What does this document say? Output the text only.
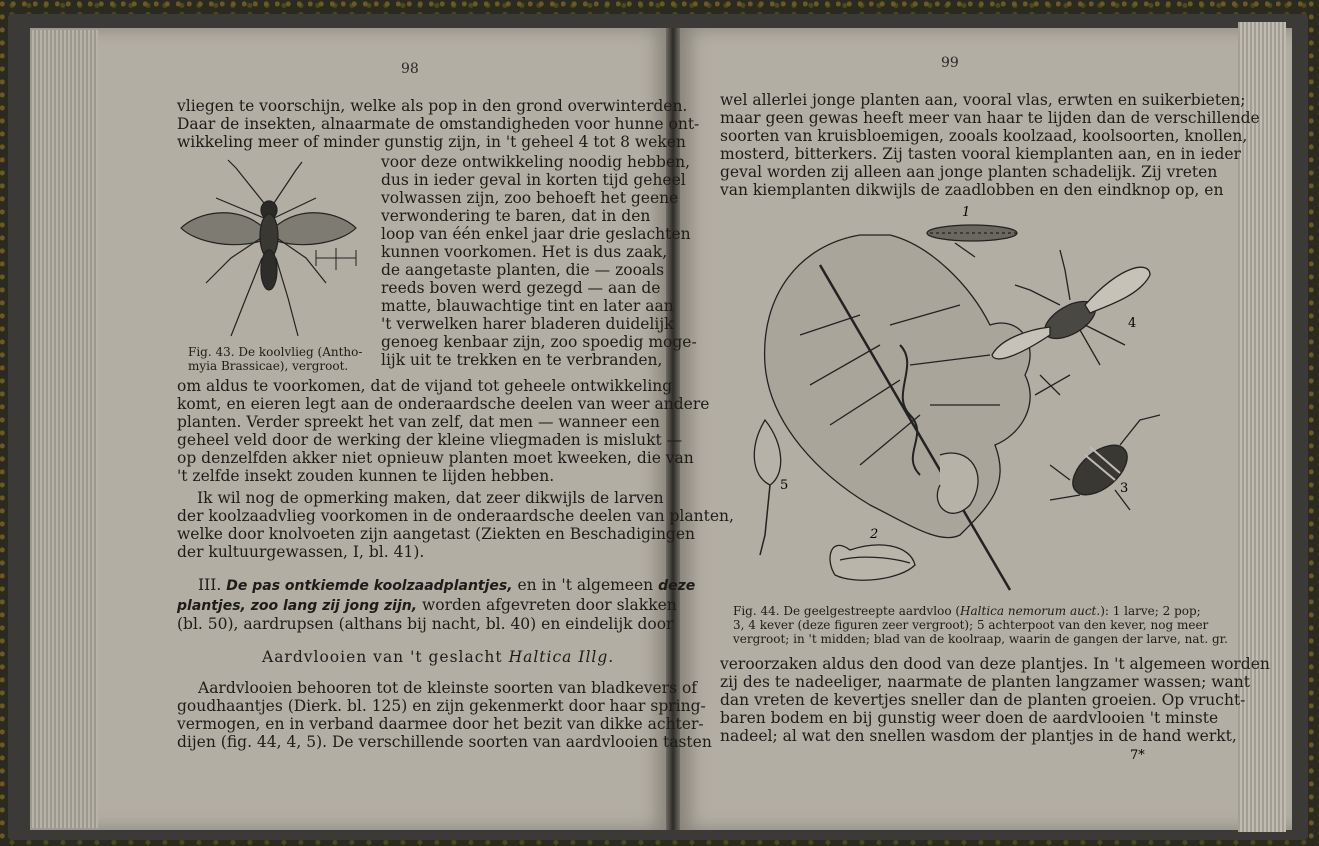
98
vliegen te voorschijn, welke als pop in den grond overwinterden.
Daar de insekten, alnaarmate de omstandigheden voor hunne ont-
wikkeling meer of minder gunstig zijn, in 't geheel 4 tot 8 weken
voor deze ontwikkeling noodig hebben,
dus in ieder geval in korten tijd geheel
volwassen zijn, zoo behoeft het geene
verwondering te baren, dat in den
loop van één enkel jaar drie geslachten
kunnen voorkomen. Het is dus zaak,
de aangetaste planten, die — zooals
reeds boven werd gezegd — aan de
matte, blauwachtige tint en later aan
't verwelken harer bladeren duidelijk
genoeg kenbaar zijn, zoo spoedig moge-
lijk uit te trekken en te verbranden,
Fig. 43. De koolvlieg (Antho-
myia Brassicae), vergroot.
om aldus te voorkomen, dat de vijand tot geheele ontwikkeling
komt, en eieren legt aan de onderaardsche deelen van weer andere
planten. Verder spreekt het van zelf, dat men — wanneer een
geheel veld door de werking der kleine vliegmaden is mislukt —
op denzelfden akker niet opnieuw planten moet kweeken, die van
't zelfde insekt zouden kunnen te lijden hebben.
Ik wil nog de opmerking maken, dat zeer dikwijls de larven
der koolzaadvlieg voorkomen in de onderaardsche deelen van planten,
welke door knolvoeten zijn aangetast (Ziekten en Beschadigingen
der kultuurgewassen, I, bl. 41).
III. De pas ontkiemde koolzaadplantjes, en in 't algemeen deze
plantjes, zoo lang zij jong zijn, worden afgevreten door slakken
(bl. 50), aardrupsen (althans bij nacht, bl. 40) en eindelijk door
Aardvlooien van 't geslacht Haltica Illg.
Aardvlooien behooren tot de kleinste soorten van bladkevers of
goudhaantjes (Dierk. bl. 125) en zijn gekenmerkt door haar spring-
vermogen, en in verband daarmee door het bezit van dikke achter-
dijen (fig. 44, 4, 5). De verschillende soorten van aardvlooien tasten
99
wel allerlei jonge planten aan, vooral vlas, erwten en suikerbieten;
maar geen gewas heeft meer van haar te lijden dan de verschillende
soorten van kruisbloemigen, zooals koolzaad, koolsoorten, knollen,
mosterd, bitterkers. Zij tasten vooral kiemplanten aan, en in ieder
geval worden zij alleen aan jonge planten schadelijk. Zij vreten
van kiemplanten dikwijls de zaadlobben en den eindknop op, en
1
2
3
4
5
Fig. 44. De geelgestreepte aardvloo (Haltica nemorum auct.): 1 larve; 2 pop;
3, 4 kever (deze figuren zeer vergroot); 5 achterpoot van den kever, nog meer
vergroot; in 't midden; blad van de koolraap, waarin de gangen der larve, nat. gr.
veroorzaken aldus den dood van deze plantjes. In 't algemeen worden
zij des te nadeeliger, naarmate de planten langzamer wassen; want
dan vreten de kevertjes sneller dan de planten groeien. Op vrucht-
baren bodem en bij gunstig weer doen de aardvlooien 't minste
nadeel; al wat den snellen wasdom der plantjes in de hand werkt,
7*
